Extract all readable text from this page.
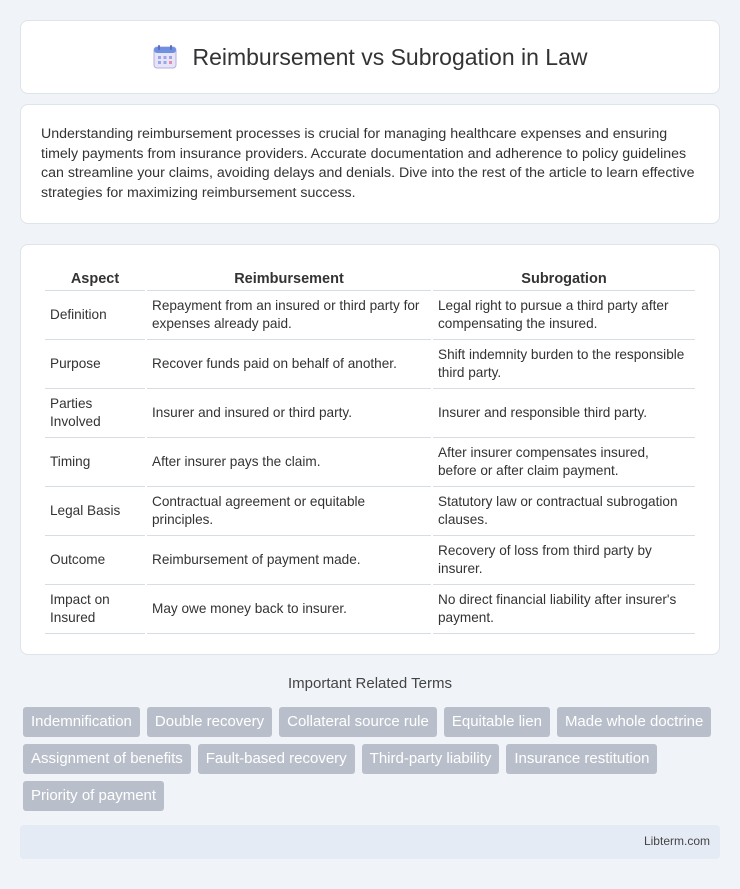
Reimbursement vs Subrogation in Law

Understanding reimbursement processes is crucial for managing healthcare expenses and ensuring timely payments from insurance providers. Accurate documentation and adherence to policy guidelines can streamline your claims, avoiding delays and denials. Dive into the rest of the article to learn effective strategies for maximizing reimbursement success.

Aspect	Reimbursement	Subrogation
Definition	Repayment from an insured or third party for expenses already paid.	Legal right to pursue a third party after compensating the insured.
Purpose	Recover funds paid on behalf of another.	Shift indemnity burden to the responsible third party.
Parties Involved	Insurer and insured or third party.	Insurer and responsible third party.
Timing	After insurer pays the claim.	After insurer compensates insured, before or after claim payment.
Legal Basis	Contractual agreement or equitable principles.	Statutory law or contractual subrogation clauses.
Outcome	Reimbursement of payment made.	Recovery of loss from third party by insurer.
Impact on Insured	May owe money back to insurer.	No direct financial liability after insurer's payment.
Important Related Terms
Indemnification	Double recovery	Collateral source rule	Equitable lien	Made whole doctrine
Assignment of benefits	Fault-based recovery	Third-party liability	Insurance restitution
Priority of payment
Libterm.com
